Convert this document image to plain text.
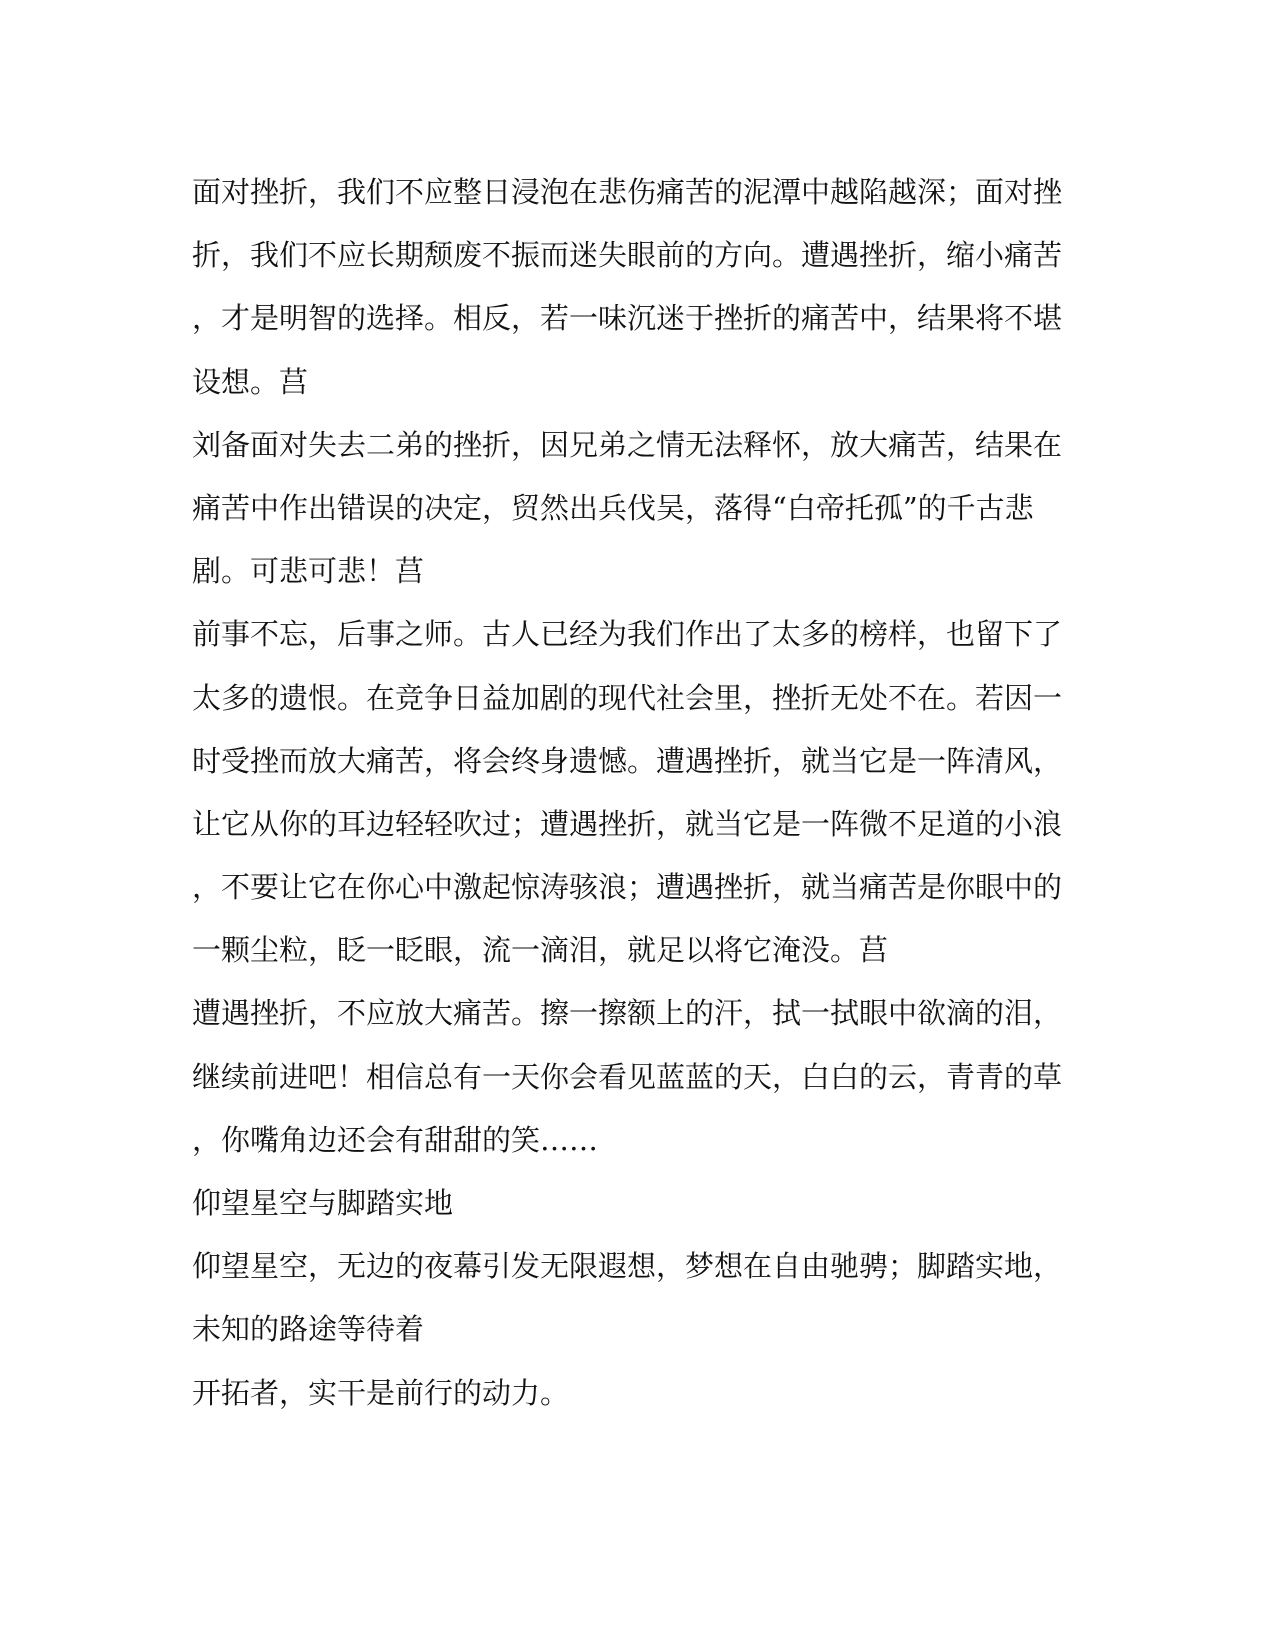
面对挫折，我们不应整日浸泡在悲伤痛苦的泥潭中越陷越深；面对挫
折，我们不应长期颓废不振而迷失眼前的方向。遭遇挫折，缩小痛苦
，才是明智的选择。相反，若一味沉迷于挫折的痛苦中，结果将不堪
设想。莒
刘备面对失去二弟的挫折，因兄弟之情无法释怀，放大痛苦，结果在
痛苦中作出错误的决定，贸然出兵伐吴，落得“白帝托孤”的千古悲
剧。可悲可悲！莒
前事不忘，后事之师。古人已经为我们作出了太多的榜样，也留下了
太多的遗恨。在竞争日益加剧的现代社会里，挫折无处不在。若因一
时受挫而放大痛苦，将会终身遗憾。遭遇挫折，就当它是一阵清风，
让它从你的耳边轻轻吹过；遭遇挫折，就当它是一阵微不足道的小浪
，不要让它在你心中激起惊涛骇浪；遭遇挫折，就当痛苦是你眼中的
一颗尘粒，眨一眨眼，流一滴泪，就足以将它淹没。莒
遭遇挫折，不应放大痛苦。擦一擦额上的汗，拭一拭眼中欲滴的泪，
继续前进吧！相信总有一天你会看见蓝蓝的天，白白的云，青青的草
，你嘴角边还会有甜甜的笑……
仰望星空与脚踏实地
仰望星空，无边的夜幕引发无限遐想，梦想在自由驰骋；脚踏实地，
未知的路途等待着
开拓者，实干是前行的动力。
